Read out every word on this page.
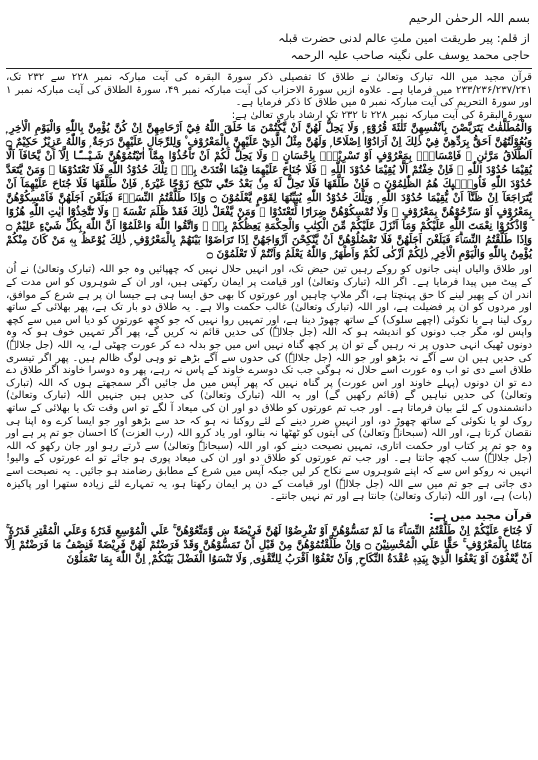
بسم اللہ الرحمٰن الرحیم
از قلم: پیر طریقت امین ملتِ عالم لدنی حضرت قبلہ
حاجی محمد یوسف علی نگینہ صاحب علیہ الرحمہ

قرآن مجید میں اللہ تبارک وتعالیٰ نے طلاق کا تفصیلی ذکر سورۃ البقرہ کی آیت مبارکہ نمبر ۲۲۸ سے ۲۳۲ تک، ۲۳۳/۲۳۶/۲۳۷/۲۴۱ میں فرمایا ہے۔ علاوہ ازیں سورۃ الاحزاب کی آیت مبارکہ نمبر ۴۹، سورۃ الطلاق کی آیت مبارکہ نمبر ۱ اور سورۃ التحریم کی آیت مبارکہ نمبر ۵ میں طلاق کا ذکر فرمایا ہے۔

سورۃ البقرۃ کی آیت مبارکہ نمبر ۲۲۸ تا ۲۳۲ تک ارشاد باری تعالیٰ ہے:

وَالْمُطَلَّقٰتُ يَتَرَبَّصْنَ بِاَنْفُسِهِنَّ ثَلٰثَةَ قُرُوْٓءٍ ۭ وَلَا يَحِلُّ لَهُنَّ اَنْ يَّكْتُمْنَ مَا خَلَقَ اللّٰهُ فِيْٓ اَرْحَامِهِنَّ اِنْ كُنَّ يُؤْمِنَّ بِاللّٰهِ وَالْيَوْمِ الْاٰخِرِ ۭ وَبُعُوْلَتُهُنَّ اَحَقُّ بِرَدِّهِنَّ فِيْ ذٰلِكَ اِنْ اَرَادُوْٓا اِصْلَاحًا ۭ وَلَهُنَّ مِثْلُ الَّذِيْ عَلَيْهِنَّ بِالْمَعْرُوْفِ ۠ وَلِلرِّجَالِ عَلَيْهِنَّ دَرَجَةٌ ۭ وَاللّٰهُ عَزِيْزٌ حَكِيْمٌ ۝ اَلطَّلَاقُ مَرَّتٰنِ ۠ فَاِمْسَاكٌۢ بِمَعْرُوْفٍ اَوْ تَسْرِيْحٌۢ بِاِحْسَانٍ ۭ وَلَا يَحِلُّ لَكُمْ اَنْ تَاْخُذُوْا مِمَّآ اٰتَيْتُمُوْهُنَّ شَـيْـــًٔـا اِلَّآ اَنْ يَّخَافَآ اَلَّا يُقِيْمَا حُدُوْدَ اللّٰهِ ۭ فَاِنْ خِفْتُمْ اَلَّا يُقِيْمَا حُدُوْدَ اللّٰهِ ۙ فَلَا جُنَاحَ عَلَيْهِمَا فِيْمَا افْتَدَتْ بِهٖ ۭ تِلْكَ حُدُوْدُ اللّٰهِ فَلَا تَعْتَدُوْهَا ۚ وَمَنْ يَّتَعَدَّ حُدُوْدَ اللّٰهِ فَاُولٰۗىِٕكَ هُمُ الظّٰلِمُوْنَ ۝ فَاِنْ طَلَّقَهَا فَلَا تَحِلُّ لَهٗ مِنْۢ بَعْدُ حَتّٰي تَنْكِحَ زَوْجًا غَيْرَهٗ ۭ فَاِنْ طَلَّقَهَا فَلَا جُنَاحَ عَلَيْهِمَآ اَنْ يَّتَرَاجَعَآ اِنْ ظَنَّآ اَنْ يُّقِيْمَا حُدُوْدَ اللّٰهِ ۭ وَتِلْكَ حُدُوْدُ اللّٰهِ يُبَيِّنُهَا لِقَوْمٍ يَّعْلَمُوْنَ ۝ وَاِذَا طَلَّقْتُمُ النِّسَاۗءَ فَبَلَغْنَ اَجَلَهُنَّ فَاَمْسِكُوْهُنَّ بِمَعْرُوْفٍ اَوْ سَرِّحُوْهُنَّ بِمَعْرُوْفٍ ۠ وَلَا تُمْسِكُوْهُنَّ ضِرَارًا لِّتَعْتَدُوْا ۚ وَمَنْ يَّفْعَلْ ذٰلِكَ فَقَدْ ظَلَمَ نَفْسَهٗ ۭ وَلَا تَتَّخِذُوْٓا اٰيٰتِ اللّٰهِ هُزُوًا ۡ وَّاذْكُرُوْا نِعْمَتَ اللّٰهِ عَلَيْكُمْ وَمَآ اَنْزَلَ عَلَيْكُمْ مِّنَ الْكِتٰبِ وَالْحِكْمَةِ يَعِظُكُمْ بِهٖ ۭ وَاتَّقُوا اللّٰهَ وَاعْلَمُوْٓا اَنَّ اللّٰهَ بِكُلِّ شَيْءٍ عَلِيْمٌ ۝ وَاِذَا طَلَّقْتُمُ النِّسَاۗءَ فَبَلَغْنَ اَجَلَهُنَّ فَلَا تَعْضُلُوْھُنَّ اَنْ يَّنْكِحْنَ اَزْوَاجَهُنَّ اِذَا تَرَاضَوْا بَيْنَهُمْ بِالْمَعْرُوْفِ ۭ ذٰلِكَ يُوْعَظُ بِهٖ مَنْ كَانَ مِنْكُمْ يُؤْمِنُ بِاللّٰهِ وَالْيَوْمِ الْاٰخِرِ ۭ ذٰلِكُمْ اَزْكٰى لَكُمْ وَاَطْهَرُ ۭ وَاللّٰهُ يَعْلَمُ وَاَنْتُمْ لَا تَعْلَمُوْنَ ۝

اور طلاق والیاں اپنی جانوں کو روکے رہیں تین حیض تک، اور انہیں حلال نہیں کہ چھپائیں وہ جو اللہ (تبارک وتعالیٰ) نے اُن کے پیٹ میں پیدا فرمایا ہے۔ اگر اللہ (تبارک وتعالیٰ) اور قیامت پر ایمان رکھتی ہیں، اور ان کے شوہروں کو اس مدت کے اندر ان کے پھیر لینے کا حق پہنچتا ہے، اگر ملاپ چاہیں اور عورتوں کا بھی حق ایسا ہی ہے جیسا ان پر ہے شرع کے موافق، اور مردوں کو ان پر فضیلت ہے، اور اللہ (تبارک وتعالیٰ) غالب حکمت والا ہے۔ یہ طلاق دو بار تک ہے، پھر بھلائی کے ساتھ روک لینا ہے یا نکوئی (اچھے سلوک) کے ساتھ چھوڑ دینا ہے، اور تمہیں روا نہیں کہ جو کچھ عورتوں کو دیا اس میں سے کچھ واپس لو، مگر جب دونوں کو اندیشہ ہو کہ اللہ (جل جلالہٗ) کی حدیں قائم نہ کریں گے، پھر اگر تمہیں خوف ہو کہ وہ دونوں ٹھیک انہی حدوں پر نہ رہیں گے تو ان پر کچھ گناہ نہیں اس میں جو بدلہ دے کر عورت چھٹی لے، یہ اللہ (جل جلالہٗ) کی حدیں ہیں ان سے آگے نہ بڑھو اور جو اللہ (جل جلالہٗ) کی حدوں سے آگے بڑھے تو وہی لوگ ظالم ہیں۔ پھر اگر تیسری طلاق اسے دی تو اب وہ عورت اسے حلال نہ ہوگی جب تک دوسرے خاوند کے پاس نہ رہے، پھر وہ دوسرا خاوند اگر طلاق دے دے تو ان دونوں (پہلے خاوند اور اس عورت) پر گناہ نہیں کہ پھر آپس میں مل جائیں اگر سمجھتے ہوں کہ اللہ (تبارک وتعالیٰ) کی حدیں نباہیں گے (قائم رکھیں گے) اور یہ اللہ (تبارک وتعالیٰ) کی حدیں ہیں جنہیں اللہ (تبارک وتعالیٰ) دانشمندوں کے لئے بیان فرماتا ہے۔ اور جب تم عورتوں کو طلاق دو اور ان کی میعاد آ لگے تو اس وقت تک یا بھلائی کے ساتھ روک لو یا نکوئی کے ساتھ چھوڑ دو، اور انہیں ضرر دینے کے لئے روکنا نہ ہو کہ حد سے بڑھو اور جو ایسا کرے وہ اپنا ہی نقصان کرتا ہے، اور اللہ (سبحانہٗ وتعالیٰ) کی آیتوں کو ٹھٹھا نہ بنالو، اور یاد کرو اللہ (رب العزت) کا احسان جو تم پر ہے اور وہ جو تم پر کتاب اور حکمت اتاری، تمہیں نصیحت دینے کو، اور اللہ (سبحانہٗ وتعالیٰ) سے ڈرتے رہو اور جان رکھو کہ اللہ (جل جلالہٗ) سب کچھ جانتا ہے۔ اور جب تم عورتوں کو طلاق دو اور ان کی میعاد پوری ہو جائے تو اے عورتوں کے والیو! انہیں نہ روکو اس سے کہ اپنے شوہروں سے نکاح کر لیں جبکہ آپس میں شرع کے مطابق رضامند ہو جائیں۔ یہ نصیحت اسے دی جاتی ہے جو تم میں سے اللہ (جل جلالہٗ) اور قیامت کے دن پر ایمان رکھتا ہو، یہ تمہارے لئے زیادہ ستھرا اور پاکیزہ (بات) ہے، اور اللہ (تبارک وتعالیٰ) جانتا ہے اور تم نہیں جانتے۔

قرآن مجید میں ہے:

لَا جُنَاحَ عَلَيْكُمْ اِنْ طَلَّقْتُمُ النِّسَاۗءَ مَا لَمْ تَمَسُّوْھُنَّ اَوْ تَفْرِضُوْا لَهُنَّ فَرِيْضَةً ښ وَّمَتِّعُوْھُنَّ ۚ عَلَي الْمُوْسِعِ قَدَرُهٗ وَعَلَي الْمُقْتِرِ قَدَرُهٗ ۚ مَتَاعًۢا بِالْمَعْرُوْفِ ۚ حَقًّا عَلَي الْمُحْسِنِيْنَ ۝ وَاِنْ طَلَّقْتُمُوْھُنَّ مِنْ قَبْلِ اَنْ تَمَسُّوْھُنَّ وَقَدْ فَرَضْتُمْ لَهُنَّ فَرِيْضَةً فَنِصْفُ مَا فَرَضْتُمْ اِلَّآ اَنْ يَّعْفُوْنَ اَوْ يَعْفُوَا الَّذِيْ بِيَدِهٖ عُقْدَةُ النِّكَاحِ ۭ وَاَنْ تَعْفُوْٓا اَقْرَبُ لِلتَّقْوٰى ۭ وَلَا تَنْسَوُا الْفَضْلَ بَيْنَكُمْ ۭ اِنَّ اللّٰهَ بِمَا تَعْمَلُوْنَ
